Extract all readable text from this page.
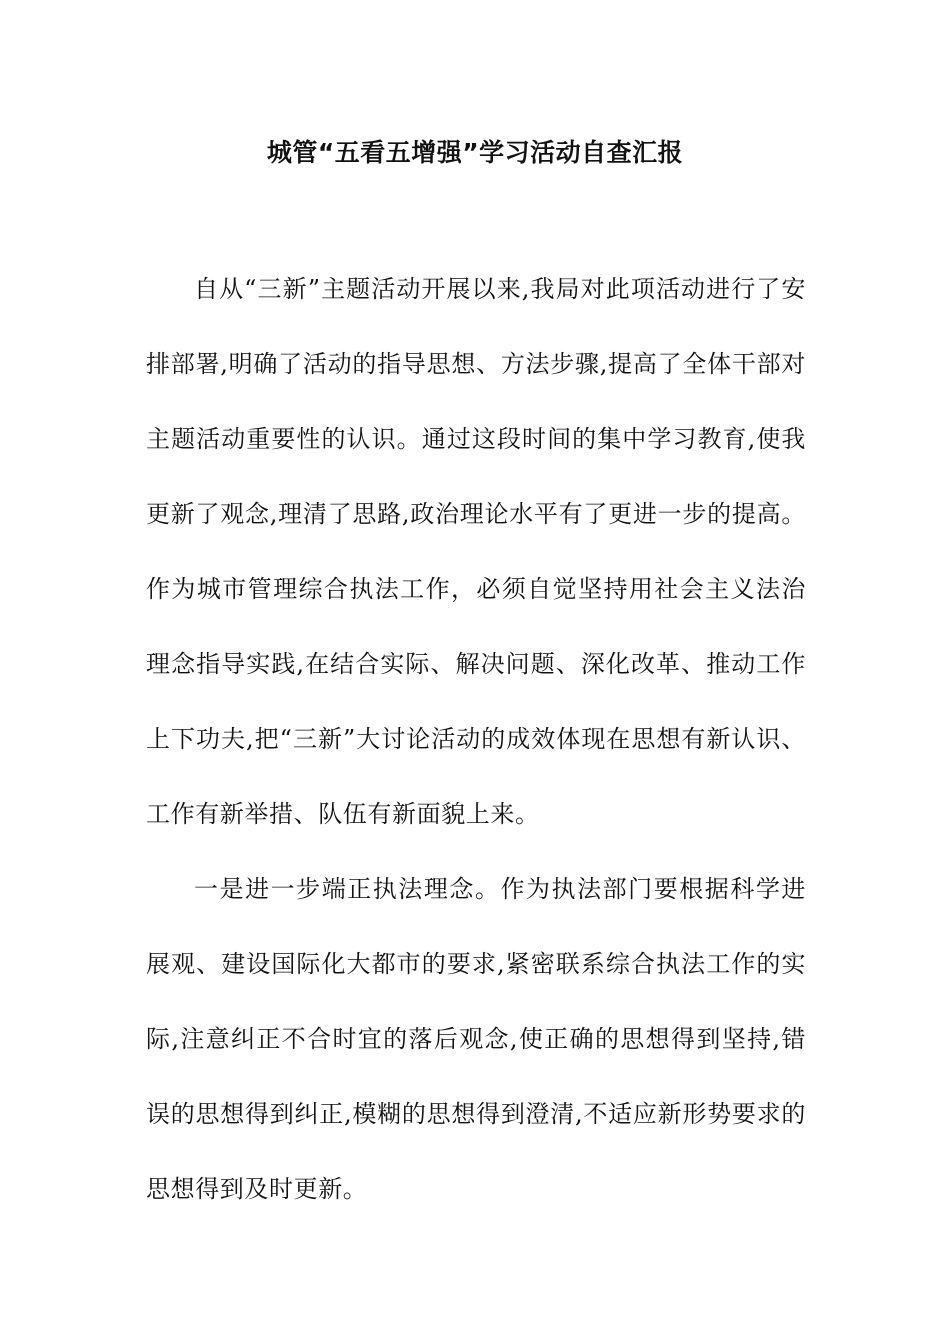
城管“五看五增强”学习活动自查汇报

自从“三新”主题活动开展以来,我局对此项活动进行了安排部署,明确了活动的指导思想、方法步骤,提高了全体干部对主题活动重要性的认识。通过这段时间的集中学习教育,使我更新了观念,理清了思路,政治理论水平有了更进一步的提高。作为城市管理综合执法工作，必须自觉坚持用社会主义法治理念指导实践,在结合实际、解决问题、深化改革、推动工作上下功夫,把“三新”大讨论活动的成效体现在思想有新认识、工作有新举措、队伍有新面貌上来。

一是进一步端正执法理念。作为执法部门要根据科学进展观、建设国际化大都市的要求,紧密联系综合执法工作的实际,注意纠正不合时宜的落后观念,使正确的思想得到坚持,错误的思想得到纠正,模糊的思想得到澄清,不适应新形势要求的思想得到及时更新。
